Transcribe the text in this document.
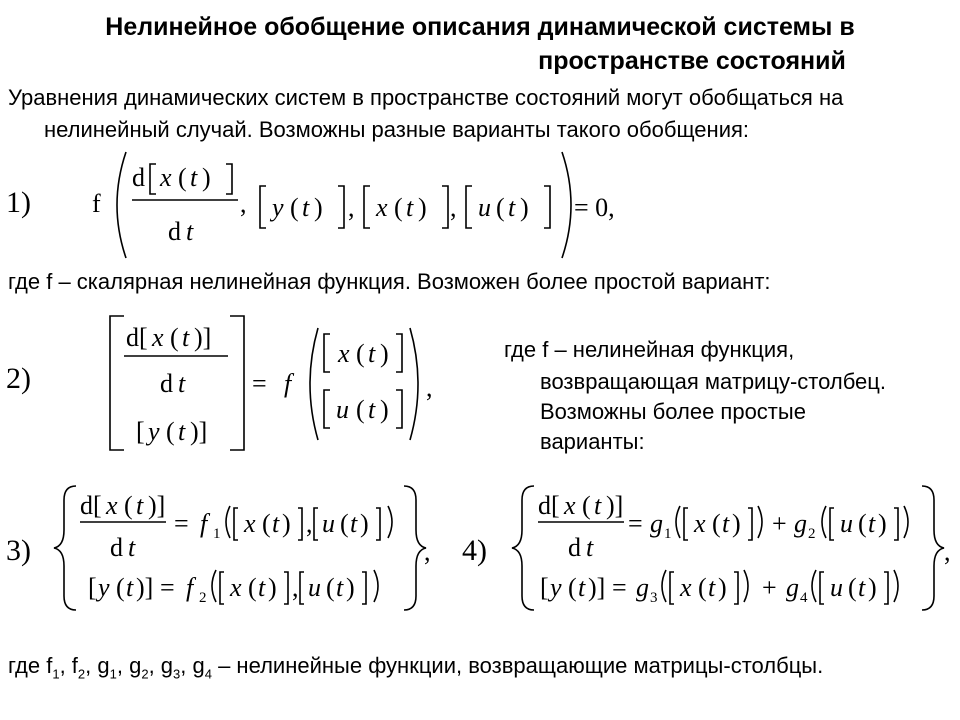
Нелинейное обобщение описания динамической системы в
пространстве состояний
Уравнения динамических систем в пространстве состояний могут обобщаться на
нелинейный случай. Возможны разные варианты такого обобщения:
1) f
d x ( t )
d t
, y ( t ) , x ( t ) , u ( t ) = 0,
где f – скалярная нелинейная функция. Возможен более простой вариант:
2)
d[ x ( t )]
d t
[ y ( t )]
= f
x ( t )
u ( t )
,
где f – нелинейная функция,
возвращающая матрицу-столбец.
Возможны более простые
варианты:
3)
d[ x ( t )]
d t
= f 1 x ( t ) , u ( t )
[ y ( t )] = f 2 x ( t ) , u ( t )
, 4)
d[ x ( t )]
d t
= g 1 x ( t ) + g 2 u ( t )
[ y ( t )] = g 3 x ( t ) + g 4 u ( t )
,
где $f_1$, $f_2$, $g_1$, $g_2$, $g_3$, $g_4$ – нелинейные функции, возвращающие матрицы-столбцы.
